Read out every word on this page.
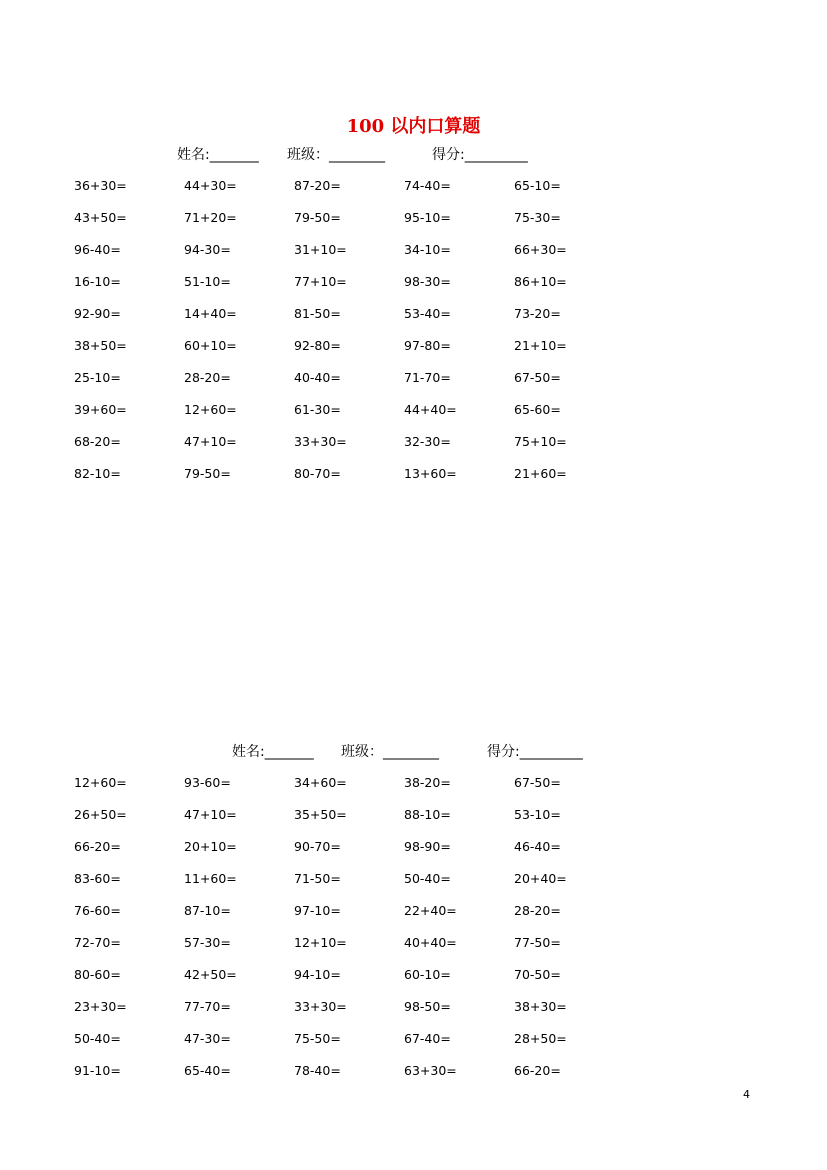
100 以内口算题
姓名:_______ 班级：________	得分:_________
36+30=	44+30=	87-20=	74-40=	65-10=
43+50=	71+20=	79-50=	95-10=	75-30=
96-40=	94-30=	31+10=	34-10=	66+30=
16-10=	51-10=	77+10=	98-30=	86+10=
92-90=	14+40=	81-50=	53-40=	73-20=
38+50=	60+10=	92-80=	97-80=	21+10=
25-10=	28-20=	40-40=	71-70=	67-50=
39+60=	12+60=	61-30=	44+40=	65-60=
68-20=	47+10=	33+30=	32-30=	75+10=
82-10=	79-50=	80-70=	13+60=	21+60=
姓名:_______ 班级：________	得分:_________
12+60=	93-60=	34+60=	38-20=	67-50=
26+50=	47+10=	35+50=	88-10=	53-10=
66-20=	20+10=	90-70=	98-90=	46-40=
83-60=	11+60=	71-50=	50-40=	20+40=
76-60=	87-10=	97-10=	22+40=	28-20=
72-70=	57-30=	12+10=	40+40=	77-50=
80-60=	42+50=	94-10=	60-10=	70-50=
23+30=	77-70=	33+30=	98-50=	38+30=
50-40=	47-30=	75-50=	67-40=	28+50=
91-10=	65-40=	78-40=	63+30=	66-20=
4
